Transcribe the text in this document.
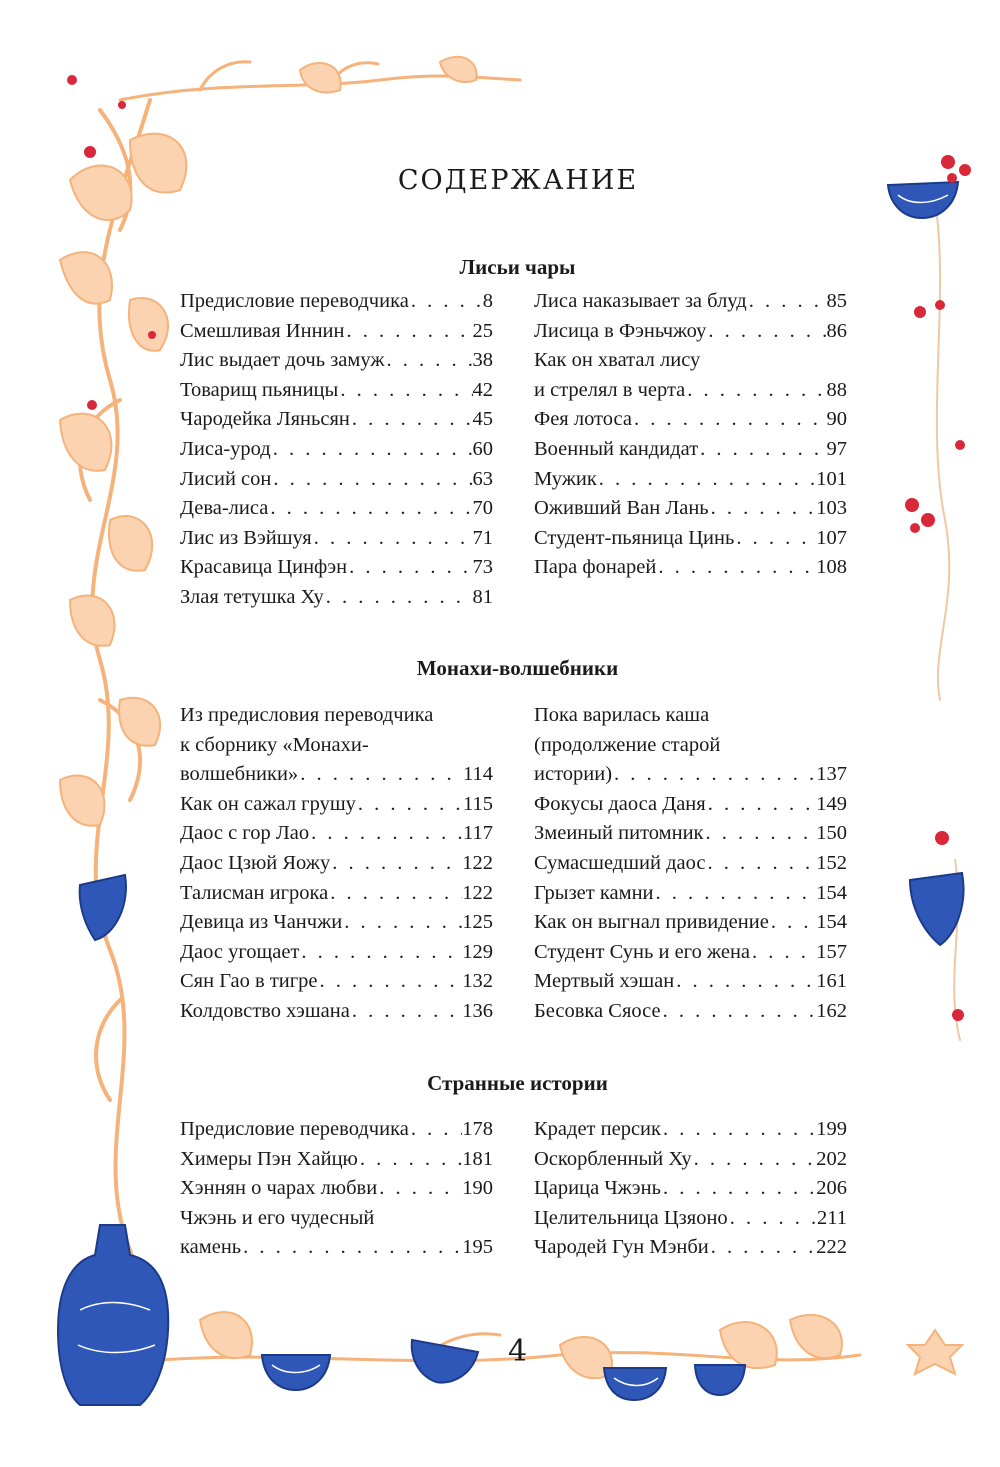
СОДЕРЖАНИЕ
Лисьи чары
Предисловие переводчика . . .	8
Смешливая Иннин . . .	25
Лис выдает дочь замуж . . .	38
Товарищ пьяницы . . .	42
Чародейка Ляньсян . . .	45
Лиса-урод . . .	60
Лисий сон . . .	63
Дева-лиса . . .	70
Лис из Вэйшуя . . .	71
Красавица Цинфэн . . .	73
Злая тетушка Ху . . .	81
Лиса наказывает за блуд . . .	85
Лисица в Фэньчжоу . . .	86
Как он хватал лису
и стрелял в черта . . .	88
Фея лотоса . . .	90
Военный кандидат . . .	97
Мужик . . .	101
Оживший Ван Лань . . .	103
Студент-пьяница Цинь . . .	107
Пара фонарей . . .	108
Монахи-волшебники
Из предисловия переводчика
к сборнику «Монахи-
волшебники» . . .	114
Как он сажал грушу . . .	115
Даос с гор Лао . . .	117
Даос Цзюй Яожу . . .	122
Талисман игрока . . .	122
Девица из Чанчжи . . .	125
Даос угощает . . .	129
Сян Гао в тигре . . .	132
Колдовство хэшана . . .	136
Пока варилась каша
(продолжение старой
истории) . . .	137
Фокусы даоса Даня . . .	149
Змеиный питомник . . .	150
Сумасшедший даос . . .	152
Грызет камни . . .	154
Как он выгнал привидение . . . 154
Студент Сунь и его жена . . .	157
Мертвый хэшан . . .	161
Бесовка Сяосе . . .	162
Странные истории
Предисловие переводчика . . .	178
Химеры Пэн Хайцю . . .	181
Хэннян о чарах любви . . .	190
Чжэнь и его чудесный
камень . . .	195
Крадет персик . . .	199
Оскорбленный Ху . . .	202
Царица Чжэнь . . .	206
Целительница Цзяоно . . .	211
Чародей Гун Мэнби . . .	222
4
